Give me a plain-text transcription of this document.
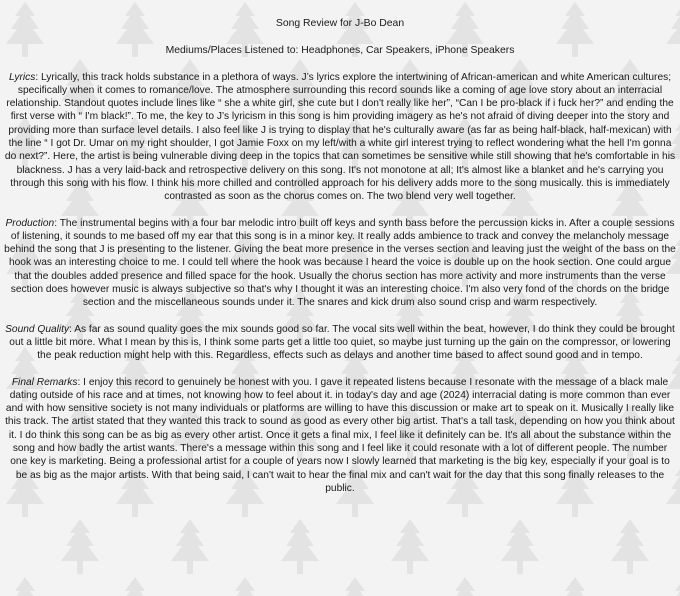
Song Review for J-Bo Dean

Mediums/Places Listened to: Headphones, Car Speakers, iPhone Speakers

Lyrics: Lyrically, this track holds substance in a plethora of ways. J’s lyrics explore the intertwining of African-american and white American cultures; specifically when it comes to romance/love. The atmosphere surrounding this record sounds like a coming of age love story about an interracial relationship. Standout quotes include lines like “ she a white girl, she cute but I don't really like her”, “Can I be pro-black if i fuck her?” and ending the first verse with “ I'm black!”. To me, the key to J’s lyricism in this song is him providing imagery as he's not afraid of diving deeper into the story and providing more than surface level details. I also feel like J is trying to display that he's culturally aware (as far as being half-black, half-mexican) with the line “ I got Dr. Umar on my right shoulder, I got Jamie Foxx on my left/with a white girl interest trying to reflect wondering what the hell I'm gonna do next?”. Here, the artist is being vulnerable diving deep in the topics that can sometimes be sensitive while still showing that he's comfortable in his blackness. J has a very laid-back and retrospective delivery on this song. It's not monotone at all; It's almost like a blanket and he's carrying you through this song with his flow. I think his more chilled and controlled approach for his delivery adds more to the song musically. this is immediately contrasted as soon as the chorus comes on. The two blend very well together.

Production: The instrumental begins with a four bar melodic intro built off keys and synth bass before the percussion kicks in. After a couple sessions of listening, it sounds to me based off my ear that this song is in a minor key. It really adds ambience to track and convey the melancholy message behind the song that J is presenting to the listener. Giving the beat more presence in the verses section and leaving just the weight of the bass on the hook was an interesting choice to me. I could tell where the hook was because I heard the voice is double up on the hook section. One could argue that the doubles added presence and filled space for the hook. Usually the chorus section has more activity and more instruments than the verse section does however music is always subjective so that's why I thought it was an interesting choice. I'm also very fond of the chords on the bridge section and the miscellaneous sounds under it. The snares and kick drum also sound crisp and warm respectively.

Sound Quality: As far as sound quality goes the mix sounds good so far. The vocal sits well within the beat, however, I do think they could be brought out a little bit more. What I mean by this is, I think some parts get a little too quiet, so maybe just turning up the gain on the compressor, or lowering the peak reduction might help with this. Regardless, effects such as delays and another time based to affect sound good and in tempo.

Final Remarks: I enjoy this record to genuinely be honest with you. I gave it repeated listens because I resonate with the message of a black male dating outside of his race and at times, not knowing how to feel about it. in today's day and age (2024) interracial dating is more common than ever and with how sensitive society is not many individuals or platforms are willing to have this discussion or make art to speak on it. Musically I really like this track. The artist stated that they wanted this track to sound as good as every other big artist. That's a tall task, depending on how you think about it. I do think this song can be as big as every other artist. Once it gets a final mix, I feel like it definitely can be. It's all about the substance within the song and how badly the artist wants. There's a message within this song and I feel like it could resonate with a lot of different people. The number one key is marketing. Being a professional artist for a couple of years now I slowly learned that marketing is the big key, especially if your goal is to be as big as the major artists. With that being said, I can't wait to hear the final mix and can't wait for the day that this song finally releases to the public.
